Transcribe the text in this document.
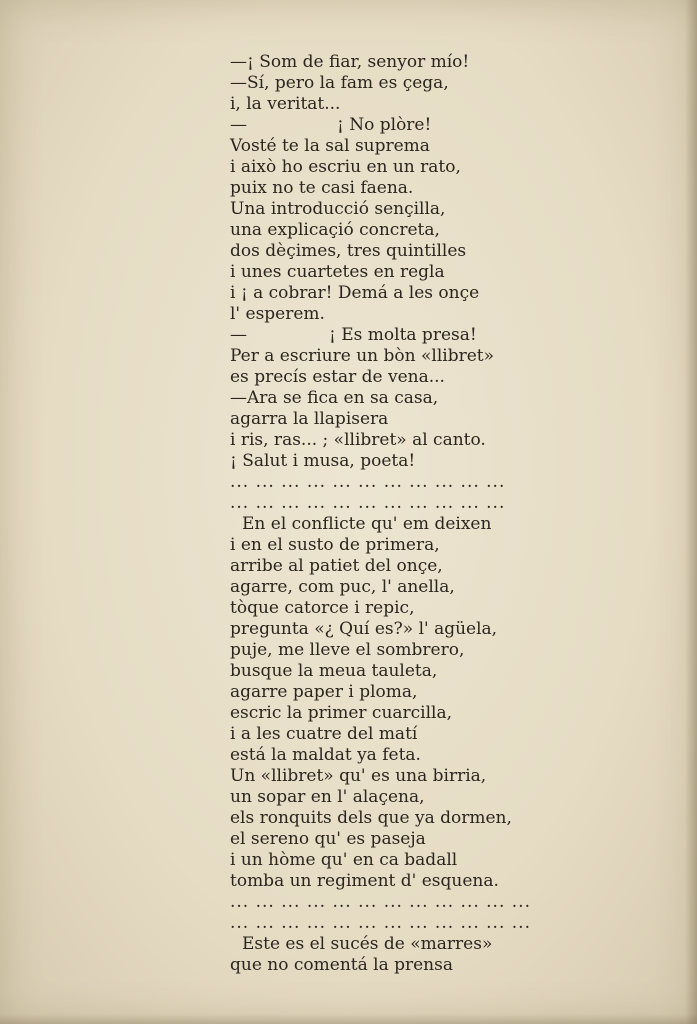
—¡ Som de fiar, senyor mío!
—Sí, pero la fam es çega,
i, la veritat...
—	¡ No plòre!
Vosté te la sal suprema
i això ho escriu en un rato,
puix no te casi faena.
Una introducció sençilla,
una explicaçió concreta,
dos dèçimes, tres quintilles
i unes cuartetes en regla
i ¡ a cobrar! Demá a les onçe
l' esperem.
—	¡ Es molta presa!
Per a escriure un bòn «llibret»
es precís estar de vena...
—Ara se fica en sa casa,
agarra la llapisera
i ris, ras... ; «llibret» al canto.
¡ Salut i musa, poeta!
... ... ... ... ... ... ... ... ... ... ...
... ... ... ... ... ... ... ... ... ... ...
En el conflicte qu' em deixen
i en el susto de primera,
arribe al patiet del onçe,
agarre, com puc, l' anella,
tòque catorce i repic,
pregunta «¿ Quí es?» l' agüela,
puje, me lleve el sombrero,
busque la meua tauleta,
agarre paper i ploma,
escric la primer cuarcilla,
i a les cuatre del matí
está la maldat ya feta.
Un «llibret» qu' es una birria,
un sopar en l' alaçena,
els ronquits dels que ya dormen,
el sereno qu' es paseja
i un hòme qu' en ca badall
tomba un regiment d' esquena.
... ... ... ... ... ... ... ... ... ... ... ...
... ... ... ... ... ... ... ... ... ... ... ...
Este es el sucés de «marres»
que no comentá la prensa
